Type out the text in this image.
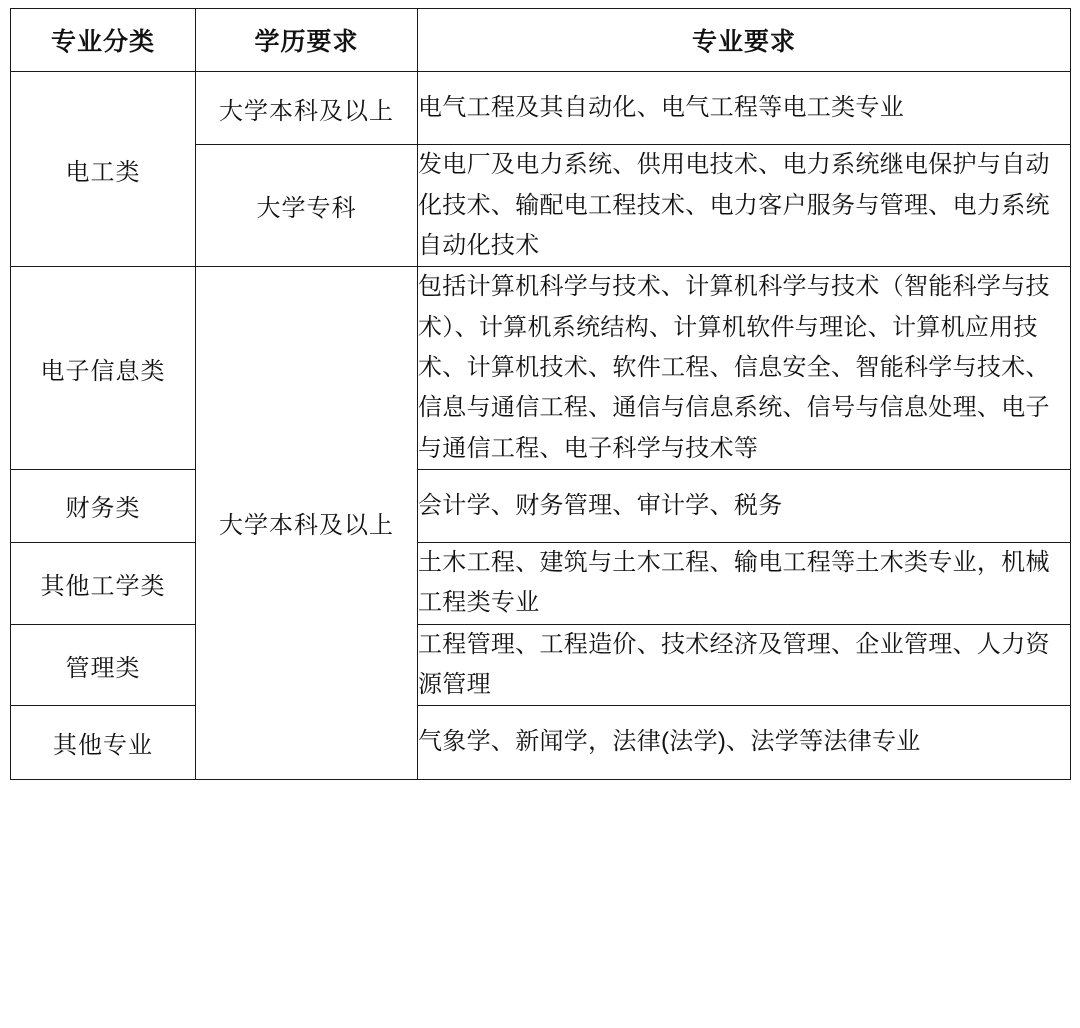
专业分类	学历要求	专业要求
电工类	大学本科及以上	电气工程及其自动化、电气工程等电工类专业
	大学专科	发电厂及电力系统、供用电技术、电力系统继电保护与自动化技术、输配电工程技术、电力客户服务与管理、电力系统自动化技术
电子信息类	大学本科及以上	包括计算机科学与技术、计算机科学与技术（智能科学与技术）、计算机系统结构、计算机软件与理论、计算机应用技术、计算机技术、软件工程、信息安全、智能科学与技术、信息与通信工程、通信与信息系统、信号与信息处理、电子与通信工程、电子科学与技术等
财务类		会计学、财务管理、审计学、税务
其他工学类		土木工程、建筑与土木工程、输电工程等土木类专业，机械工程类专业
管理类		工程管理、工程造价、技术经济及管理、企业管理、人力资源管理
其他专业		气象学、新闻学，法律(法学)、法学等法律专业
